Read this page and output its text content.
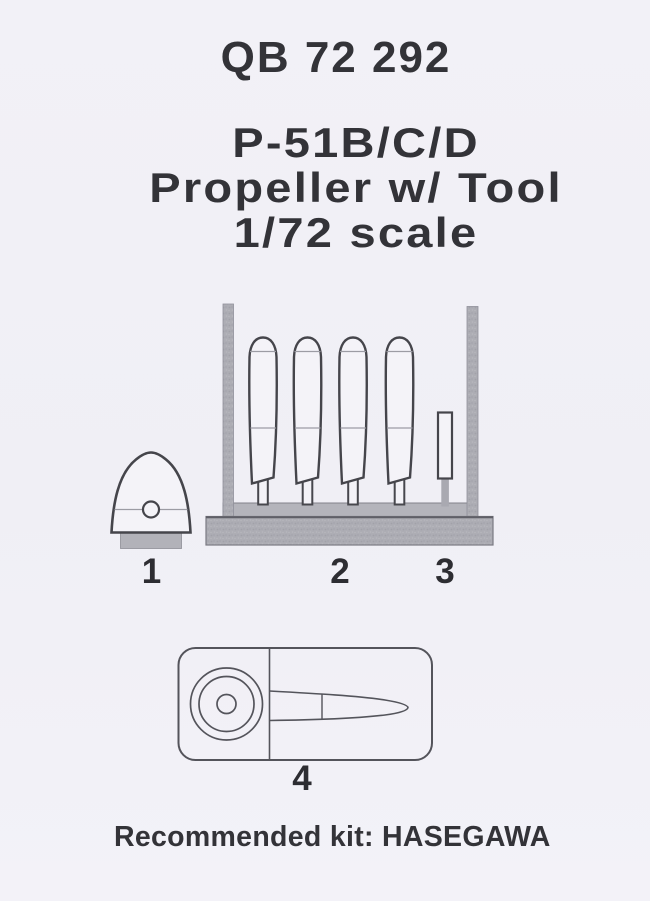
QB 72 292
P-51B/C/D
Propeller w/ Tool
1/72 scale
1	2 3
4
Recommended kit: HASEGAWA
